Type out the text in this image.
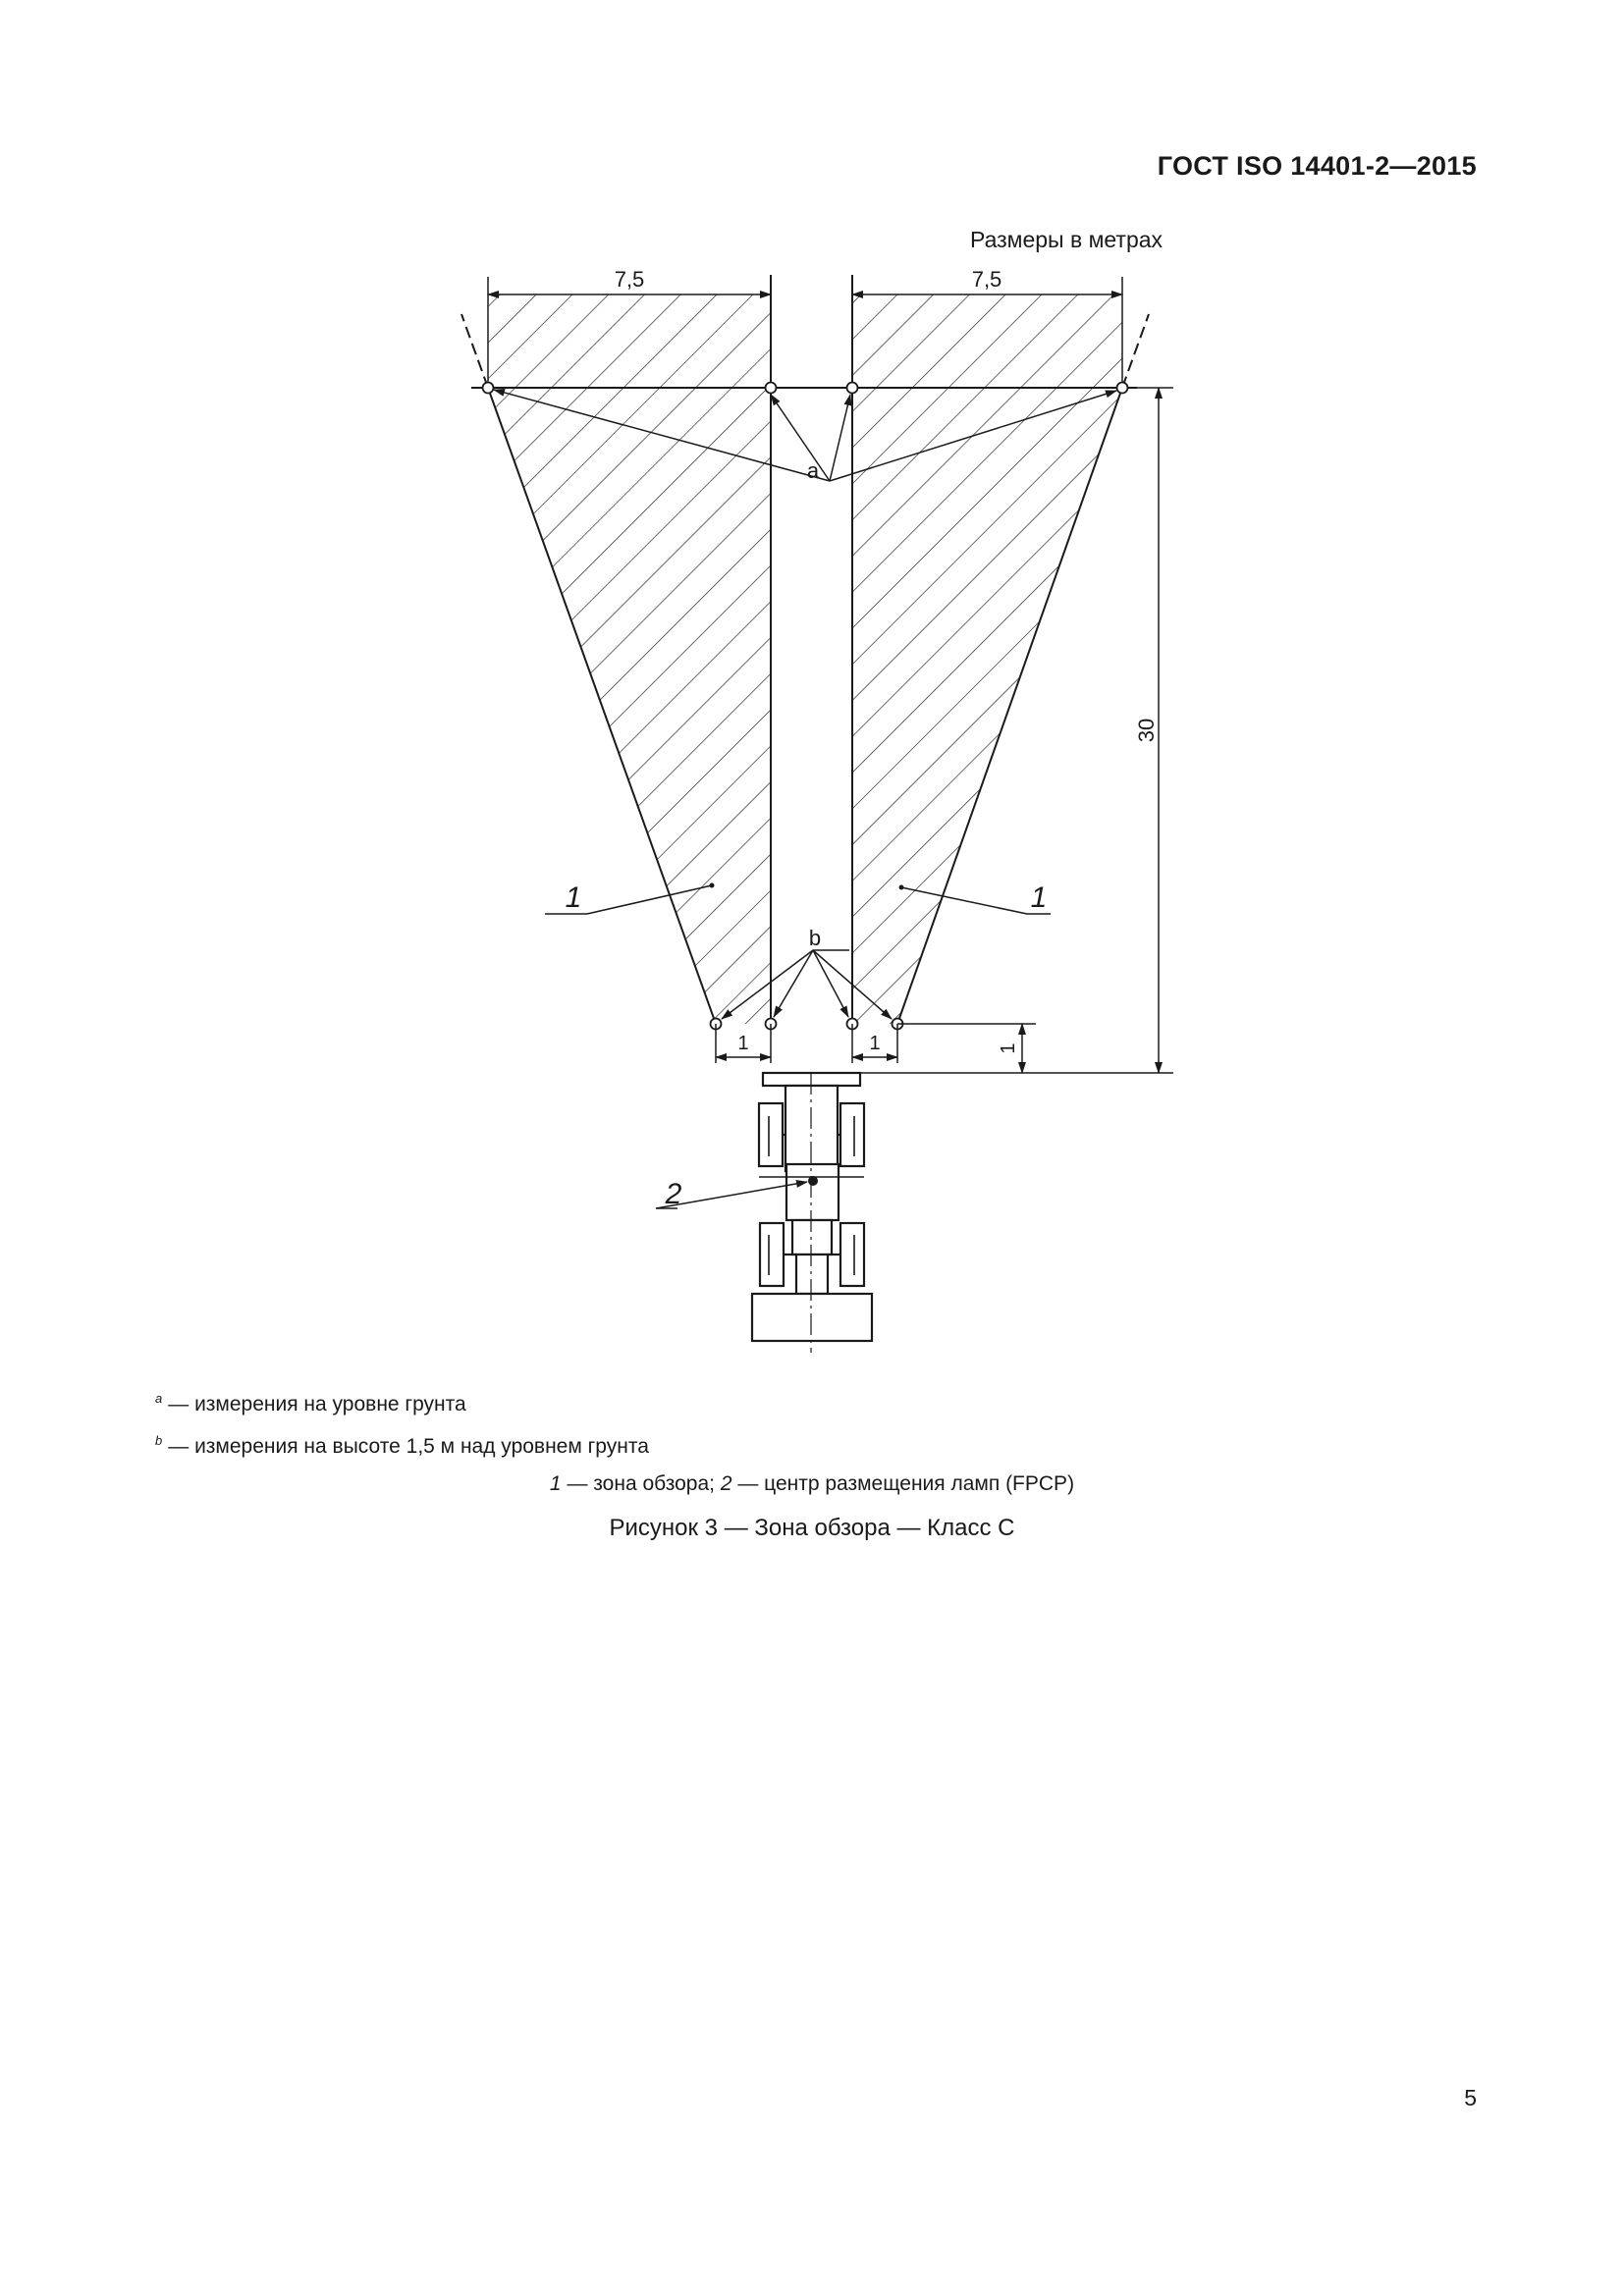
ГОСТ ISO 14401-2—2015
Размеры в метрах
7,5	7,5
30
a
b
1	1	1
1	1
2
$^a$ — измерения на уровне грунта
$^b$ — измерения на высоте 1,5 м над уровнем грунта
1 — зона обзора; 2 — центр размещения ламп (FPCP)
Рисунок 3 — Зона обзора — Класс С
5
